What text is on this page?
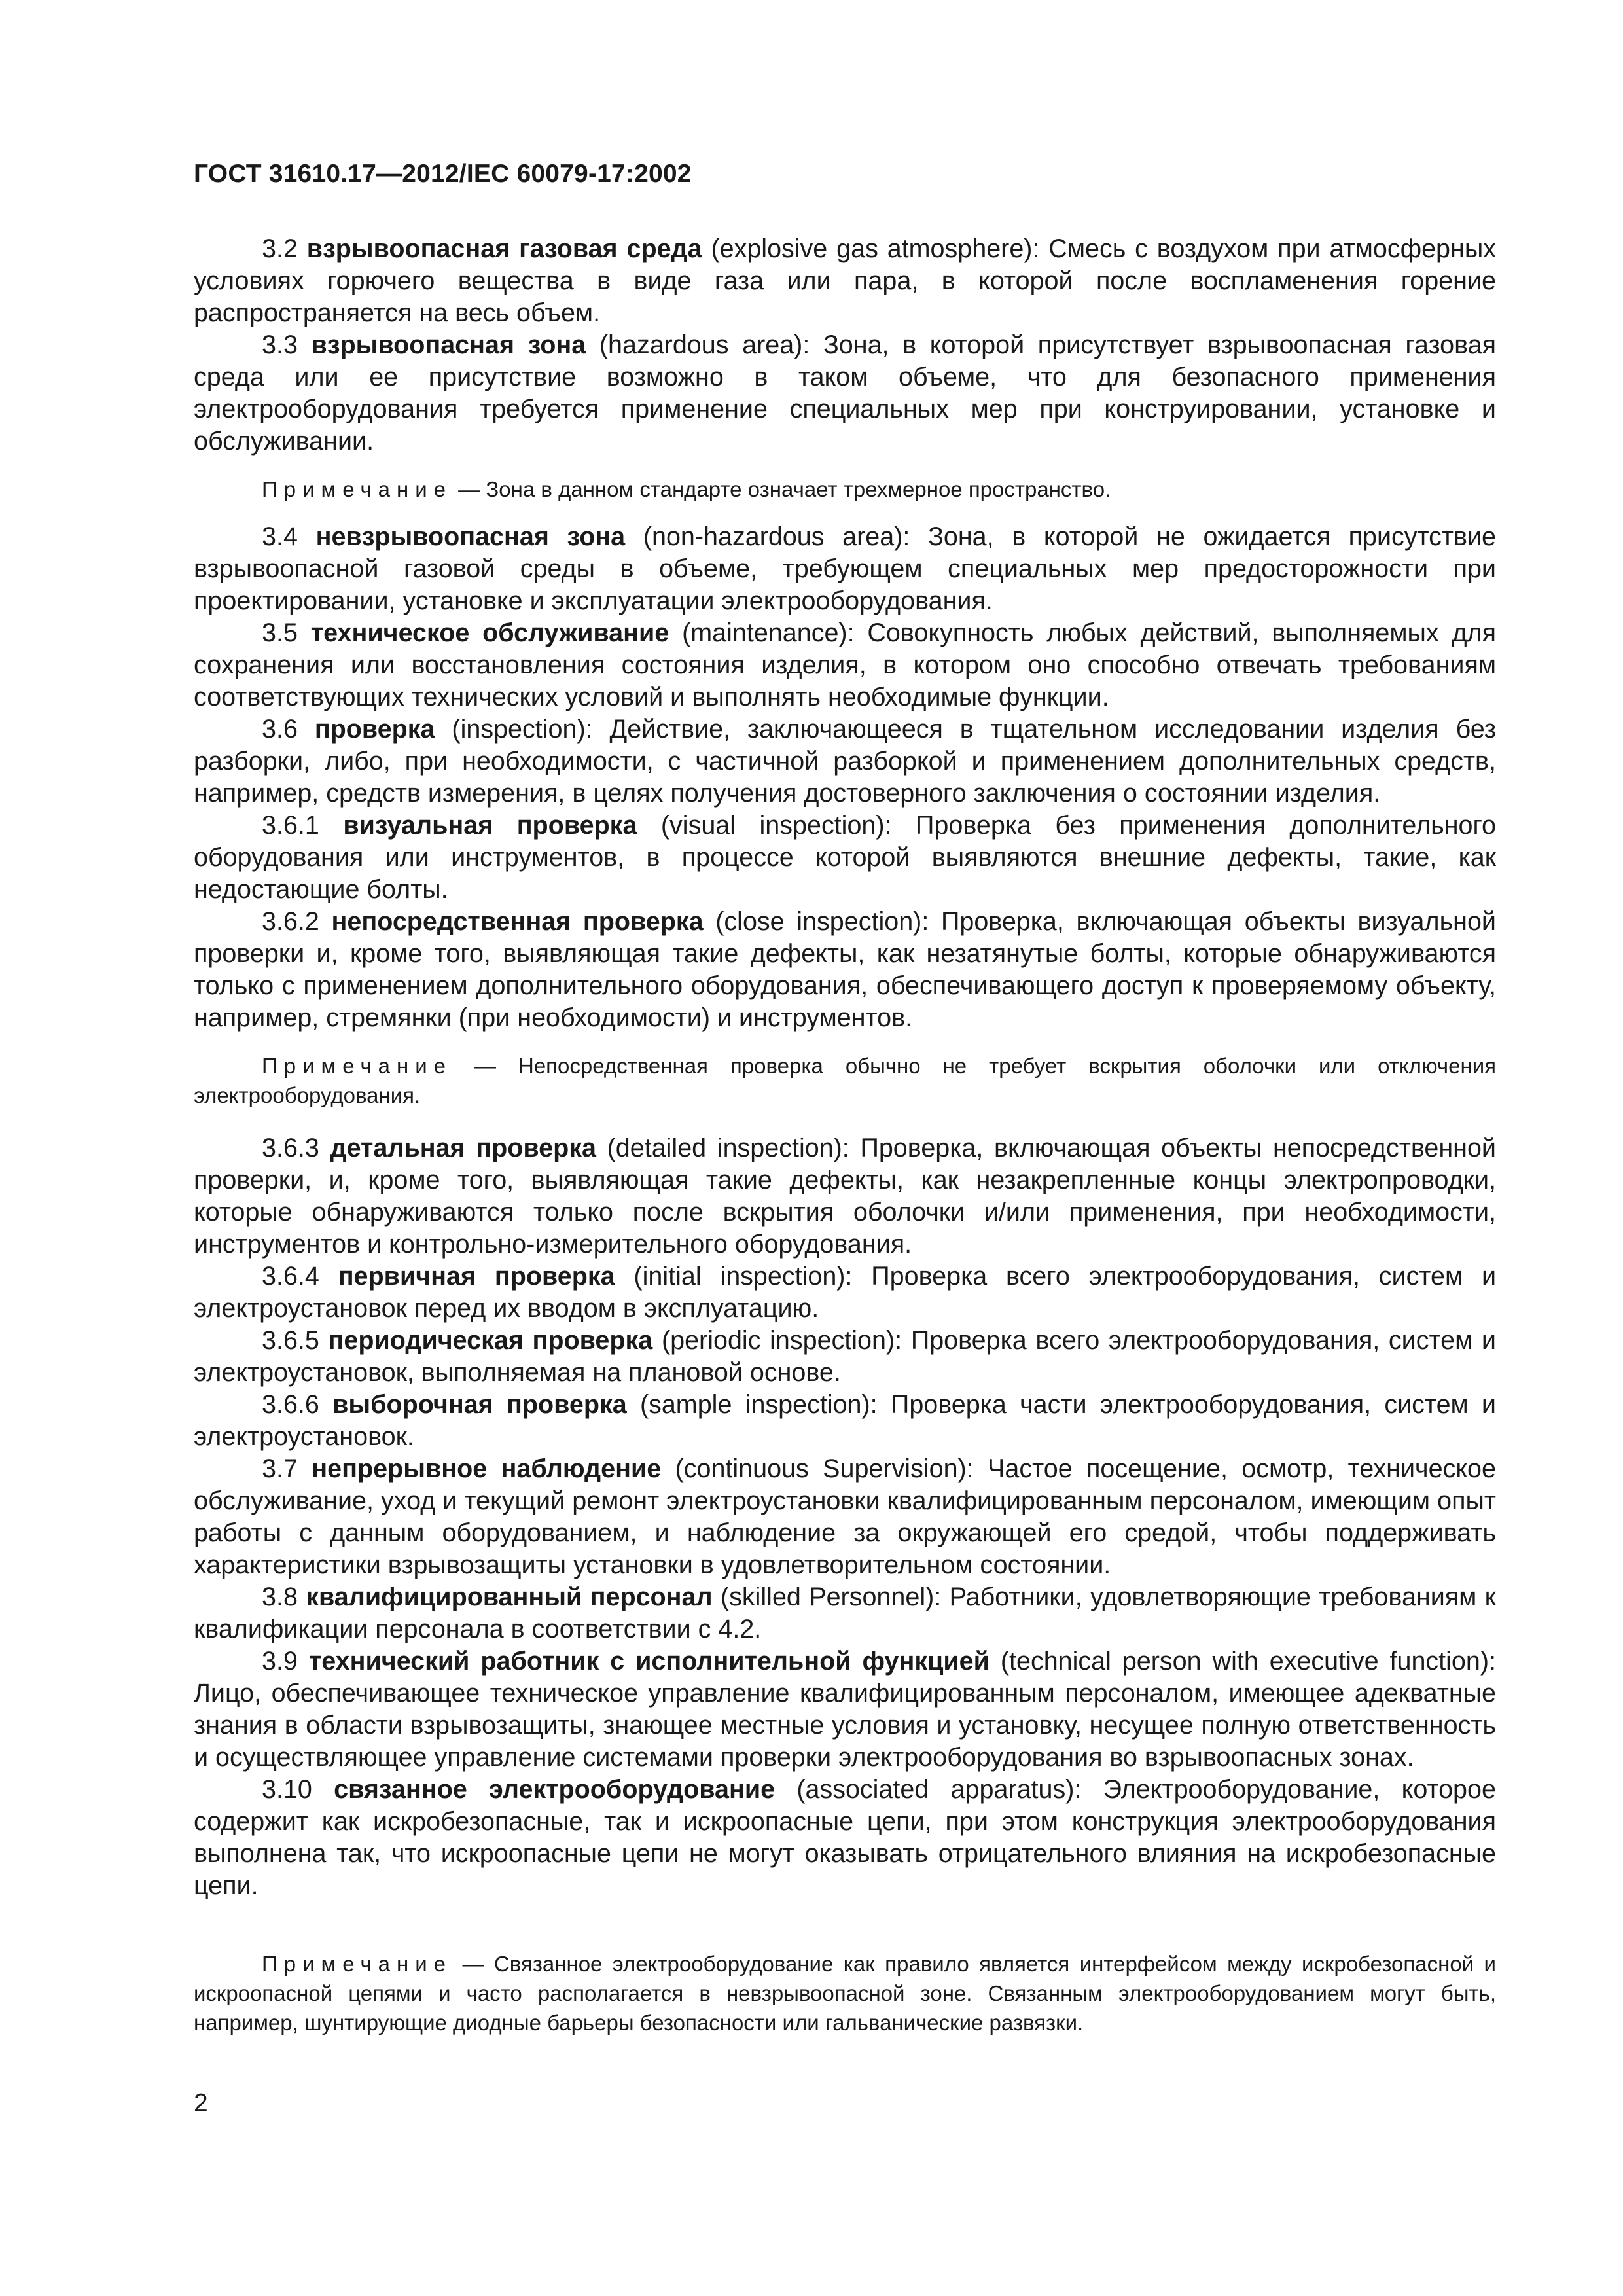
ГОСТ 31610.17—2012/IEC 60079-17:2002

3.2 взрывоопасная газовая среда (explosive gas atmosphere): Смесь с воздухом при атмосферных условиях горючего вещества в виде газа или пара, в которой после воспламенения горение распространяется на весь объем.

3.3 взрывоопасная зона (hazardous area): Зона, в которой присутствует взрывоопасная газовая среда или ее присутствие возможно в таком объеме, что для безопасного применения электрооборудования требуется применение специальных мер при конструировании, установке и обслуживании.

Примечание — Зона в данном стандарте означает трехмерное пространство.

3.4 невзрывоопасная зона (non-hazardous area): Зона, в которой не ожидается присутствие взрывоопасной газовой среды в объеме, требующем специальных мер предосторожности при проектировании, установке и эксплуатации электрооборудования.

3.5 техническое обслуживание (maintenance): Совокупность любых действий, выполняемых для сохранения или восстановления состояния изделия, в котором оно способно отвечать требованиям соответствующих технических условий и выполнять необходимые функции.

3.6 проверка (inspection): Действие, заключающееся в тщательном исследовании изделия без разборки, либо, при необходимости, с частичной разборкой и применением дополнительных средств, например, средств измерения, в целях получения достоверного заключения о состоянии изделия.

3.6.1 визуальная проверка (visual inspection): Проверка без применения дополнительного оборудования или инструментов, в процессе которой выявляются внешние дефекты, такие, как недостающие болты.

3.6.2 непосредственная проверка (close inspection): Проверка, включающая объекты визуальной проверки и, кроме того, выявляющая такие дефекты, как незатянутые болты, которые обнаруживаются только с применением дополнительного оборудования, обеспечивающего доступ к проверяемому объекту, например, стремянки (при необходимости) и инструментов.

Примечание — Непосредственная проверка обычно не требует вскрытия оболочки или отключения электрооборудования.

3.6.3 детальная проверка (detailed inspection): Проверка, включающая объекты непосредственной проверки, и, кроме того, выявляющая такие дефекты, как незакрепленные концы электропроводки, которые обнаруживаются только после вскрытия оболочки и/или применения, при необходимости, инструментов и контрольно-измерительного оборудования.

3.6.4 первичная проверка (initial inspection): Проверка всего электрооборудования, систем и электроустановок перед их вводом в эксплуатацию.

3.6.5 периодическая проверка (periodic inspection): Проверка всего электрооборудования, систем и электроустановок, выполняемая на плановой основе.

3.6.6 выборочная проверка (sample inspection): Проверка части электрооборудования, систем и электроустановок.

3.7 непрерывное наблюдение (continuous Supervision): Частое посещение, осмотр, техническое обслуживание, уход и текущий ремонт электроустановки квалифицированным персоналом, имеющим опыт работы с данным оборудованием, и наблюдение за окружающей его средой, чтобы поддерживать характеристики взрывозащиты установки в удовлетворительном состоянии.

3.8 квалифицированный персонал (skilled Personnel): Работники, удовлетворяющие требованиям к квалификации персонала в соответствии с 4.2.

3.9 технический работник с исполнительной функцией (technical person with executive function): Лицо, обеспечивающее техническое управление квалифицированным персоналом, имеющее адекватные знания в области взрывозащиты, знающее местные условия и установку, несущее полную ответственность и осуществляющее управление системами проверки электрооборудования во взрывоопасных зонах.

3.10 связанное электрооборудование (associated apparatus): Электрооборудование, которое содержит как искробезопасные, так и искроопасные цепи, при этом конструкция электрооборудования выполнена так, что искроопасные цепи не могут оказывать отрицательного влияния на искробезопасные цепи.

Примечание — Связанное электрооборудование как правило является интерфейсом между искробезопасной и искроопасной цепями и часто располагается в невзрывоопасной зоне. Связанным электрооборудованием могут быть, например, шунтирующие диодные барьеры безопасности или гальванические развязки.

2
